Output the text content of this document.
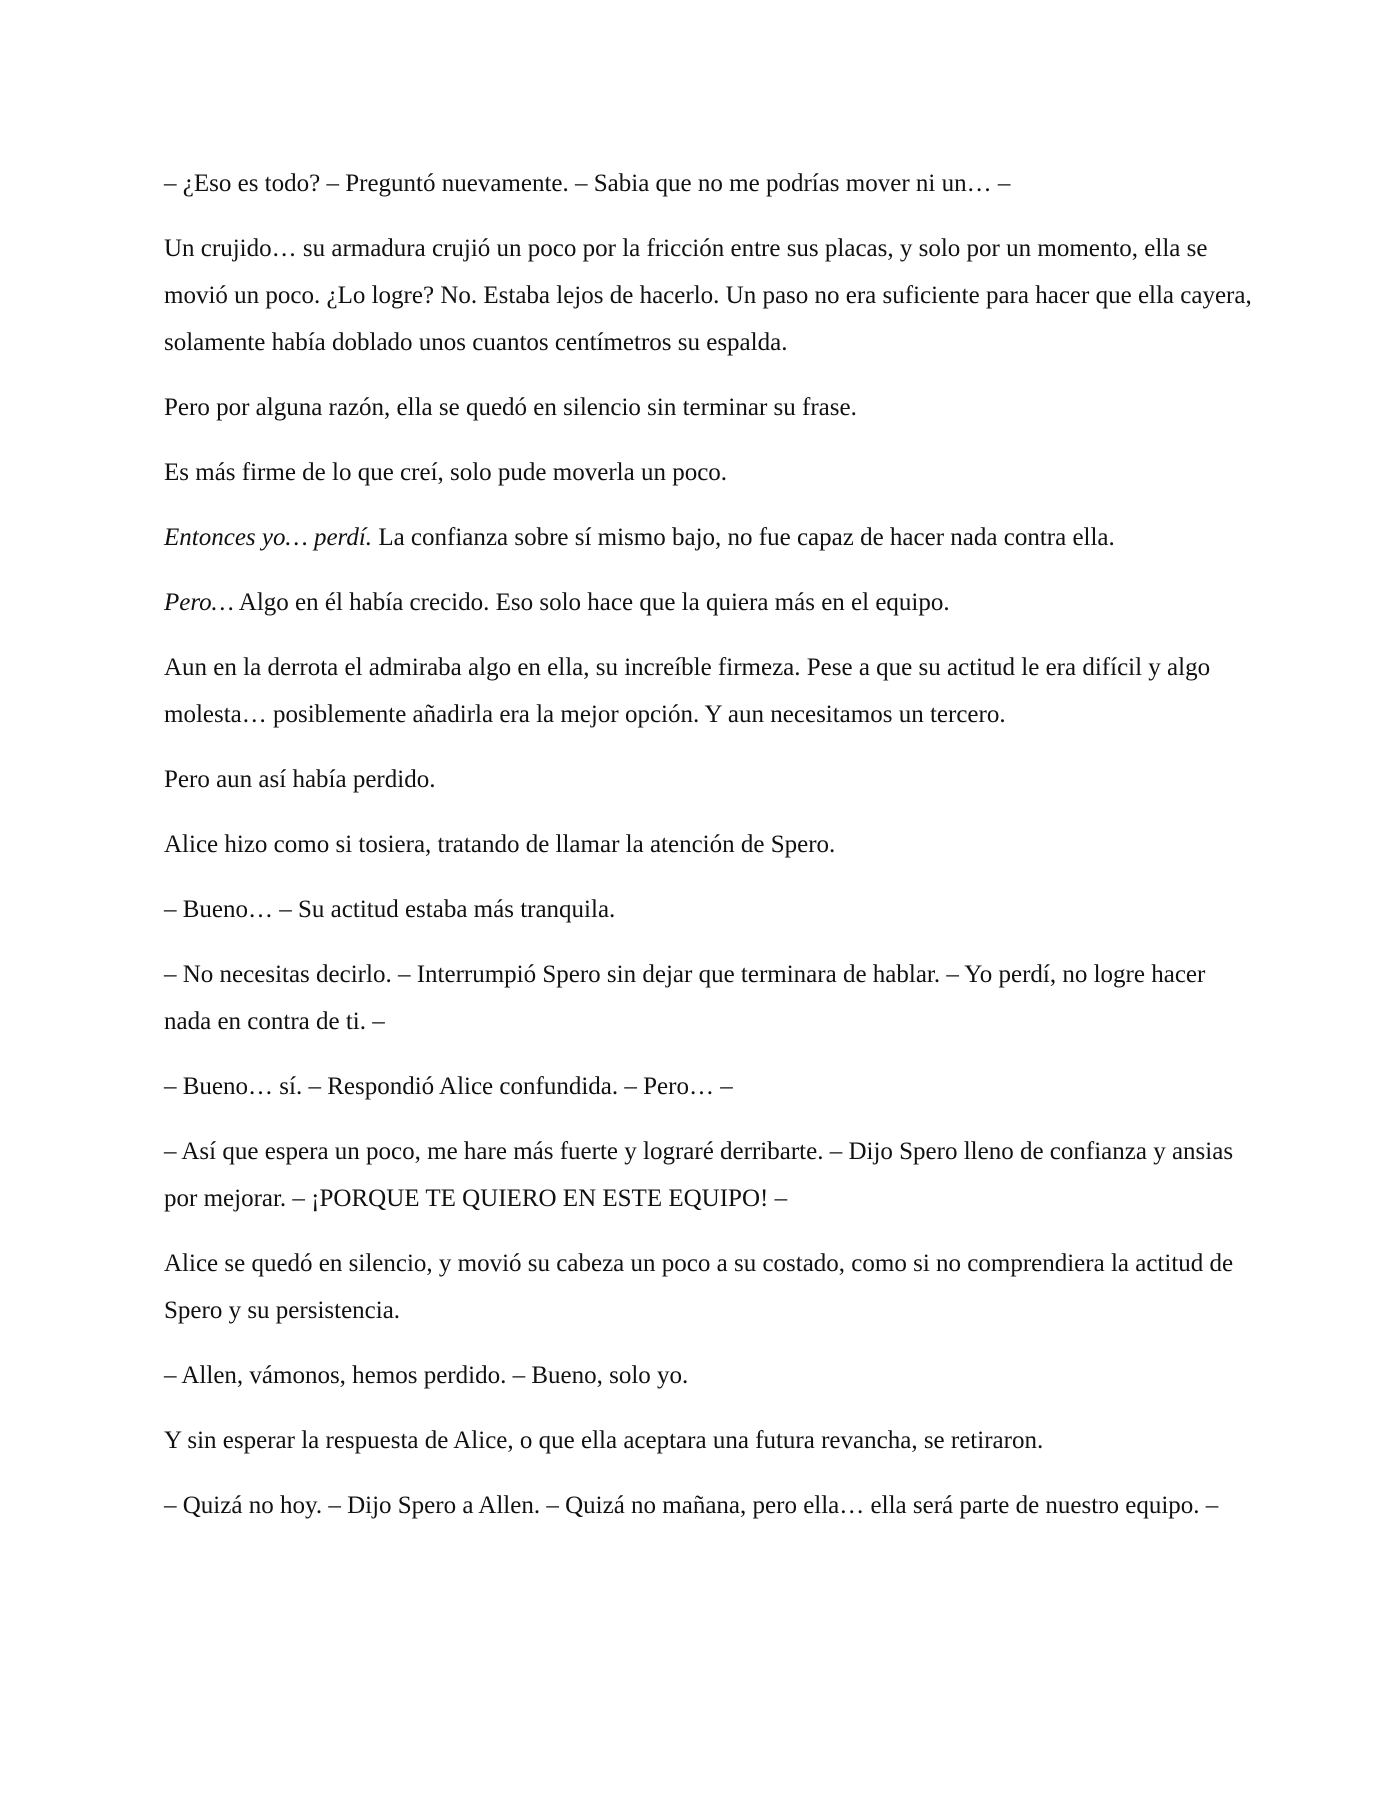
– ¿Eso es todo? – Preguntó nuevamente. – Sabia que no me podrías mover ni un… –

Un crujido… su armadura crujió un poco por la fricción entre sus placas, y solo por un momento, ella se movió un poco. ¿Lo logre? No. Estaba lejos de hacerlo. Un paso no era suficiente para hacer que ella cayera, solamente había doblado unos cuantos centímetros su espalda.

Pero por alguna razón, ella se quedó en silencio sin terminar su frase.

Es más firme de lo que creí, solo pude moverla un poco.

Entonces yo… perdí. La confianza sobre sí mismo bajo, no fue capaz de hacer nada contra ella.

Pero… Algo en él había crecido. Eso solo hace que la quiera más en el equipo.

Aun en la derrota el admiraba algo en ella, su increíble firmeza. Pese a que su actitud le era difícil y algo molesta… posiblemente añadirla era la mejor opción. Y aun necesitamos un tercero.

Pero aun así había perdido.

Alice hizo como si tosiera, tratando de llamar la atención de Spero.

– Bueno… – Su actitud estaba más tranquila.

– No necesitas decirlo. – Interrumpió Spero sin dejar que terminara de hablar. – Yo perdí, no logre hacer nada en contra de ti. –

– Bueno… sí. – Respondió Alice confundida. – Pero… –

– Así que espera un poco, me hare más fuerte y lograré derribarte. – Dijo Spero lleno de confianza y ansias por mejorar. – ¡PORQUE TE QUIERO EN ESTE EQUIPO! –

Alice se quedó en silencio, y movió su cabeza un poco a su costado, como si no comprendiera la actitud de Spero y su persistencia.

– Allen, vámonos, hemos perdido. – Bueno, solo yo.

Y sin esperar la respuesta de Alice, o que ella aceptara una futura revancha, se retiraron.

– Quizá no hoy. – Dijo Spero a Allen. – Quizá no mañana, pero ella… ella será parte de nuestro equipo. –
